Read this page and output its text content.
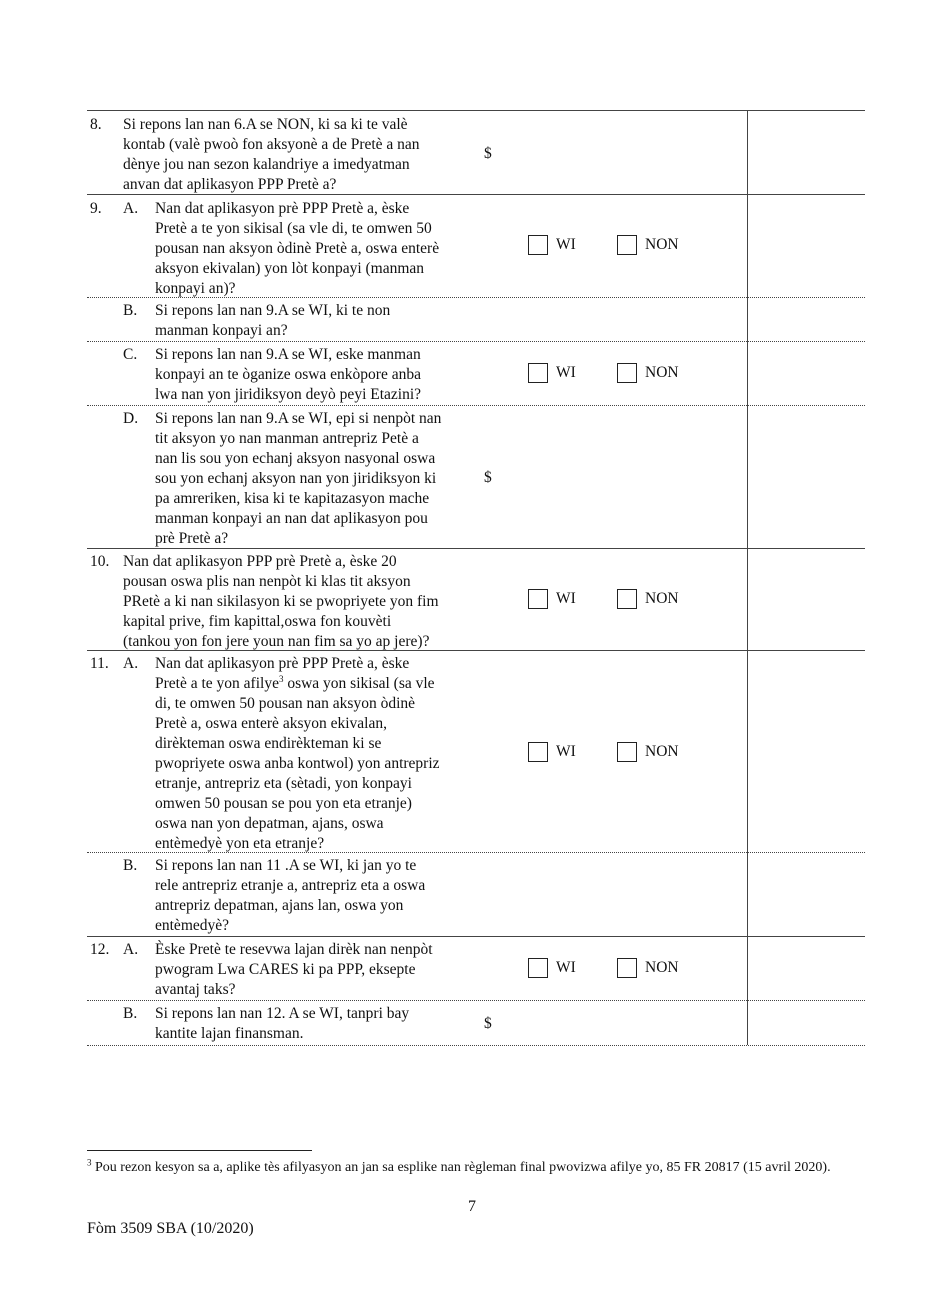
8. Si repons lan nan 6.A se NON, ki sa ki te valè
kontab (valè pwoò fon aksyonè a de Pretè a nan
dènye jou nan sezon kalandriye a imedyatman
anvan dat aplikasyon PPP Pretè a?
$
9. A. Nan dat aplikasyon prè PPP Pretè a, èske
Pretè a te yon sikisal (sa vle di, te omwen 50
pousan nan aksyon òdinè Pretè a, oswa enterè
aksyon ekivalan) yon lòt konpayi (manman
konpayi an)?
WI	NON
B. Si repons lan nan 9.A se WI, ki te non
manman konpayi an?
C. Si repons lan nan 9.A se WI, eske manman
konpayi an te òganize oswa enkòpore anba
lwa nan yon jiridiksyon deyò peyi Etazini?
WI	NON
D. Si repons lan nan 9.A se WI, epi si nenpòt nan
tit aksyon yo nan manman antrepriz Petè a
nan lis sou yon echanj aksyon nasyonal oswa
sou yon echanj aksyon nan yon jiridiksyon ki
pa amreriken, kisa ki te kapitazasyon mache
manman konpayi an nan dat aplikasyon pou
prè Pretè a?
$
10. Nan dat aplikasyon PPP prè Pretè a, èske 20
pousan oswa plis nan nenpòt ki klas tit aksyon
PRetè a ki nan sikilasyon ki se pwopriyete yon fim
kapital prive, fim kapittal,oswa fon kouvèti
(tankou yon fon jere youn nan fim sa yo ap jere)?
WI	NON
11. A. Nan dat aplikasyon prè PPP Pretè a, èske
Pretè a te yon afilye$^3$ oswa yon sikisal (sa vle
di, te omwen 50 pousan nan aksyon òdinè
Pretè a, oswa enterè aksyon ekivalan,
dirèkteman oswa endirèkteman ki se
pwopriyete oswa anba kontwol) yon antrepriz
etranje, antrepriz eta (sètadi, yon konpayi
omwen 50 pousan se pou yon eta etranje)
oswa nan yon depatman, ajans, oswa
entèmedyè yon eta etranje?
WI	NON
B. Si repons lan nan 11 .A se WI, ki jan yo te
rele antrepriz etranje a, antrepriz eta a oswa
antrepriz depatman, ajans lan, oswa yon
entèmedyè?
12. A. Èske Pretè te resevwa lajan dirèk nan nenpòt
pwogram Lwa CARES ki pa PPP, eksepte
avantaj taks?
WI	NON
B. Si repons lan nan 12. A se WI, tanpri bay
kantite lajan finansman.
$
$^3$ Pou rezon kesyon sa a, aplike tès afilyasyon an jan sa esplike nan règleman final pwovizwa afilye yo, 85 FR 20817 (15 avril 2020).
7
Fòm 3509 SBA (10/2020)
